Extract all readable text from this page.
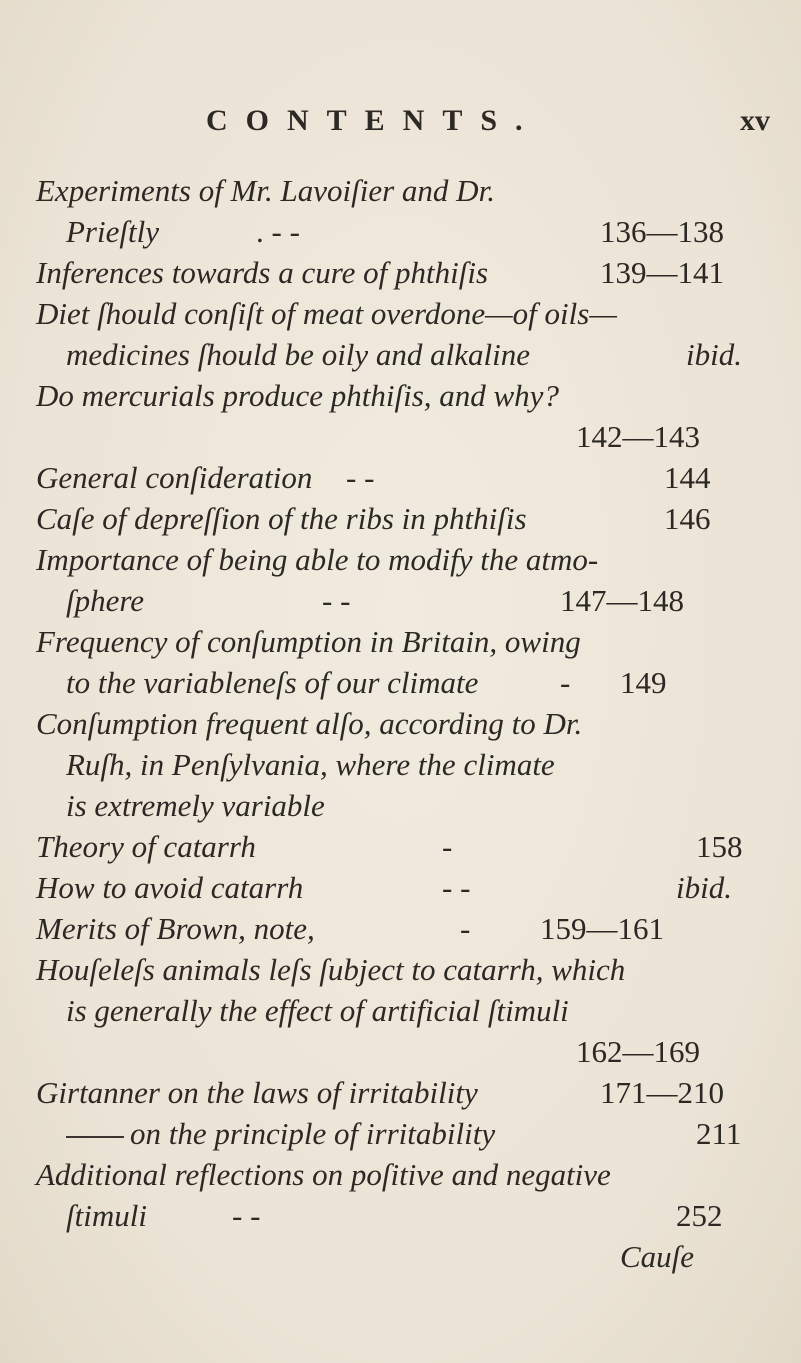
CONTENTS.	xv
Experiments of Mr. Lavoiſier and Dr.
Prieſtly	. - -	136—138
Inferences towards a cure of phthiſis	139—141
Diet ſhould conſiſt of meat overdone—of oils—
medicines ſhould be oily and alkaline	ibid.
Do mercurials produce phthiſis, and why?
142—143
General conſideration - -	144
Caſe of depreſſion of the ribs in phthiſis	146
Importance of being able to modify the atmo-
ſphere	- -	147—148
Frequency of conſumption in Britain, owing
to the variableneſs of our climate	- 149
Conſumption frequent alſo, according to Dr.
Ruſh, in Penſylvania, where the climate
is extremely variable
Theory of catarrh	-	158
How to avoid catarrh	- -	ibid.
Merits of Brown, note,	- 159—161
Houſeleſs animals leſs ſubject to catarrh, which
is generally the effect of artificial ſtimuli
162—169
Girtanner on the laws of irritability	171—210
on the principle of irritability	211
Additional reflections on poſitive and negative
ſtimuli	- -	252
Cauſe
